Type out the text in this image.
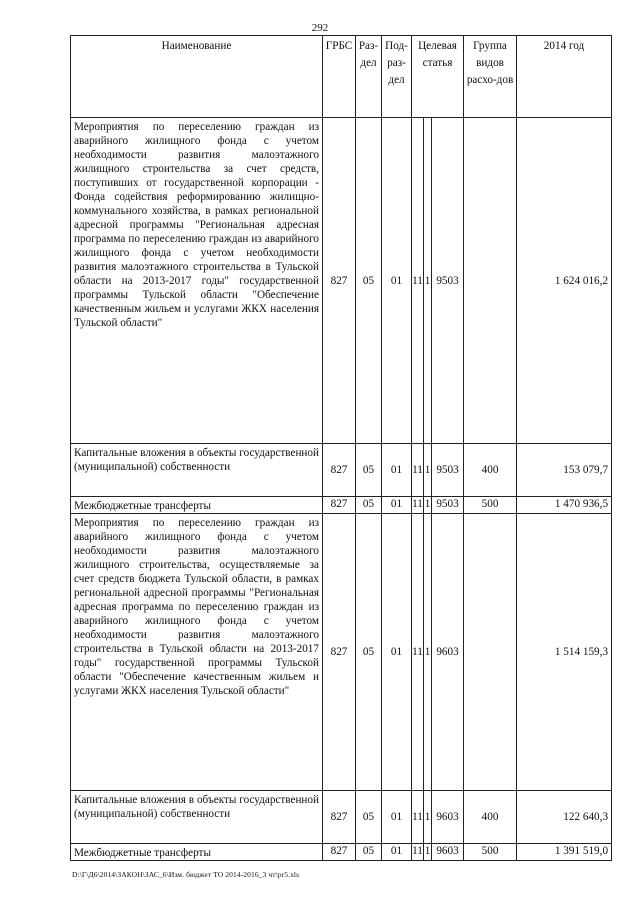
292
Наименование	ГРБС	Раз-дел	Под-раз-дел	Целевая статья			Группа видов расхо-дов	2014 год
Мероприятия по переселению граждан из аварийного жилищного фонда с учетом необходимости развития малоэтажного жилищного строительства за счет средств, поступивших от государственной корпорации - Фонда содействия реформированию жилищно-коммунального хозяйства, в рамках региональной адресной программы "Региональная адресная программа по переселению граждан из аварийного жилищного фонда с учетом необходимости развития малоэтажного строительства в Тульской области на 2013-2017 годы" государственной программы Тульской области "Обеспечение качественным жильем и услугами ЖКХ населения Тульской области"	827	05	01	11	1	9503		1 624 016,2
Капитальные вложения в объекты государственной (муниципальной) собственности	827	05	01	11	1	9503	400	153 079,7
Межбюджетные трансферты	827	05	01	11	1	9503	500	1 470 936,5
Мероприятия по переселению граждан из аварийного жилищного фонда с учетом необходимости развития малоэтажного жилищного строительства, осуществляемые за счет средств бюджета Тульской области, в рамках региональной адресной программы "Региональная адресная программа по переселению граждан из аварийного жилищного фонда с учетом необходимости развития малоэтажного строительства в Тульской области на 2013-2017 годы" государственной программы Тульской области "Обеспечение качественным жильем и услугами ЖКХ населения Тульской области"	827	05	01	11	1	9603		1 514 159,3
Капитальные вложения в объекты государственной (муниципальной) собственности	827	05	01	11	1	9603	400	122 640,3
Межбюджетные трансферты	827	05	01	11	1	9603	500	1 391 519,0
D:\Г\Д6\2014\ЗАКОН\ЗАС_6\Изм. бюджет ТО 2014-2016_3 чт\pr5.xls
